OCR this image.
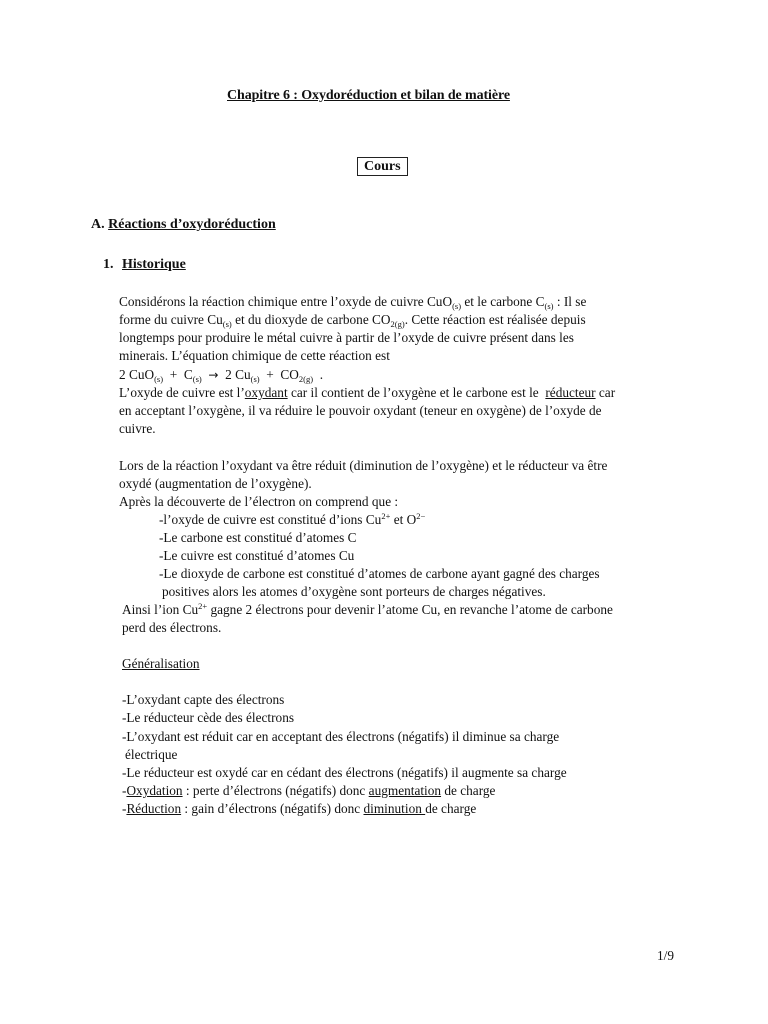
Chapitre 6 : Oxydoréduction et bilan de matière
Cours
A. Réactions d’oxydoréduction
1. Historique
Considérons la réaction chimique entre l’oxyde de cuivre CuO$_{(s)}$ et le carbone $C_{(s)}$ : Il se
forme du cuivre $Cu_{(s)}$ et du dioxyde de carbone $CO_{2(g)}$. Cette réaction est réalisée depuis
longtemps pour produire le métal cuivre à partir de l’oxyde de cuivre présent dans les
minerais. L’équation chimique de cette réaction est
2 $CuO_{(s)} + C_{(s)} \to 2$ $Cu_{(s)} + CO_{2(g)}$ .
L’oxyde de cuivre est l’oxydant car il contient de l’oxygène et le carbone est le réducteur car
en acceptant l’oxygène, il va réduire le pouvoir oxydant (teneur en oxygène) de l’oxyde de
cuivre.
Lors de la réaction l’oxydant va être réduit (diminution de l’oxygène) et le réducteur va être
oxydé (augmentation de l’oxygène).
Après la découverte de l’électron on comprend que :
-l’oxyde de cuivre est constitué d’ions $Cu^{2+}$ et $O^{2-}$
-Le carbone est constitué d’atomes C
-Le cuivre est constitué d’atomes Cu
-Le dioxyde de carbone est constitué d’atomes de carbone ayant gagné des charges
positives alors les atomes d’oxygène sont porteurs de charges négatives.
Ainsi l’ion $Cu^{2+}$ gagne 2 électrons pour devenir l’atome Cu, en revanche l’atome de carbone
perd des électrons.
Généralisation
-L’oxydant capte des électrons
-Le réducteur cède des électrons
-L’oxydant est réduit car en acceptant des électrons (négatifs) il diminue sa charge
électrique
-Le réducteur est oxydé car en cédant des électrons (négatifs) il augmente sa charge
-Oxydation : perte d’électrons (négatifs) donc augmentation de charge
-Réduction : gain d’électrons (négatifs) donc diminution de charge
1/9
